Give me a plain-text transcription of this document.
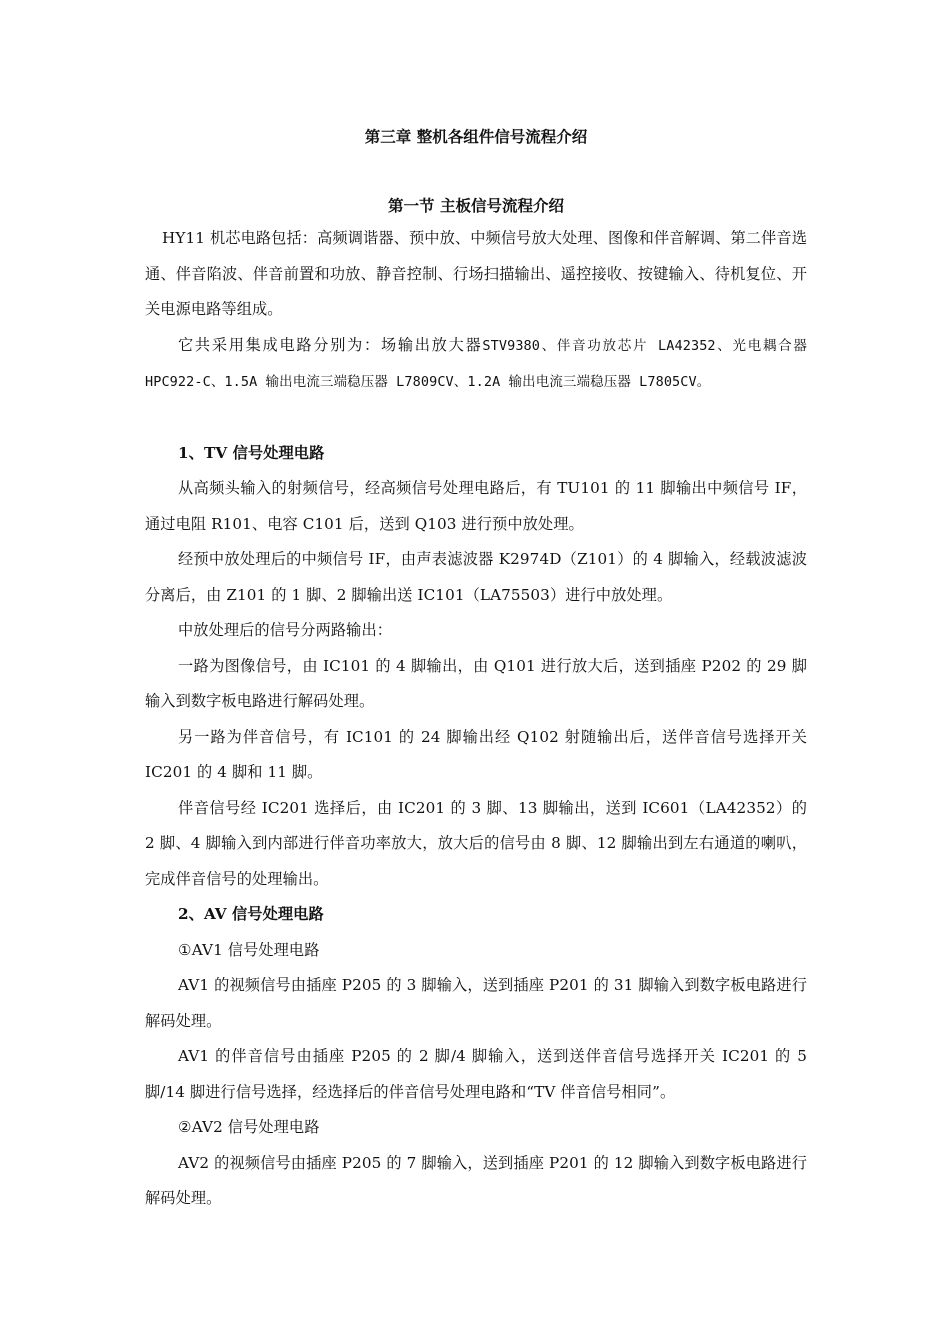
第三章 整机各组件信号流程介绍
第一节 主板信号流程介绍

HY11 机芯电路包括：高频调谐器、预中放、中频信号放大处理、图像和伴音解调、第二伴音选通、伴音陷波、伴音前置和功放、静音控制、行场扫描输出、遥控接收、按键输入、待机复位、开关电源电路等组成。

它共采用集成电路分别为：场输出放大器STV9380、伴音功放芯片 LA42352、光电耦合器 HPC922-C、1.5A 输出电流三端稳压器 L7809CV、1.2A 输出电流三端稳压器 L7805CV。

1、TV 信号处理电路

从高频头输入的射频信号，经高频信号处理电路后，有 TU101 的 11 脚输出中频信号 IF，通过电阻 R101、电容 C101 后，送到 Q103 进行预中放处理。

经预中放处理后的中频信号 IF，由声表滤波器 K2974D（Z101）的 4 脚输入，经载波滤波分离后，由 Z101 的 1 脚、2 脚输出送 IC101（LA75503）进行中放处理。

中放处理后的信号分两路输出：

一路为图像信号，由 IC101 的 4 脚输出，由 Q101 进行放大后，送到插座 P202 的 29 脚输入到数字板电路进行解码处理。

另一路为伴音信号，有 IC101 的 24 脚输出经 Q102 射随输出后，送伴音信号选择开关 IC201 的 4 脚和 11 脚。

伴音信号经 IC201 选择后，由 IC201 的 3 脚、13 脚输出，送到 IC601（LA42352）的 2 脚、4 脚输入到内部进行伴音功率放大，放大后的信号由 8 脚、12 脚输出到左右通道的喇叭，完成伴音信号的处理输出。

2、AV 信号处理电路

①AV1 信号处理电路

AV1 的视频信号由插座 P205 的 3 脚输入，送到插座 P201 的 31 脚输入到数字板电路进行解码处理。

AV1 的伴音信号由插座 P205 的 2 脚/4 脚输入，送到送伴音信号选择开关 IC201 的 5 脚/14 脚进行信号选择，经选择后的伴音信号处理电路和“TV 伴音信号相同”。

②AV2 信号处理电路

AV2 的视频信号由插座 P205 的 7 脚输入，送到插座 P201 的 12 脚输入到数字板电路进行解码处理。
